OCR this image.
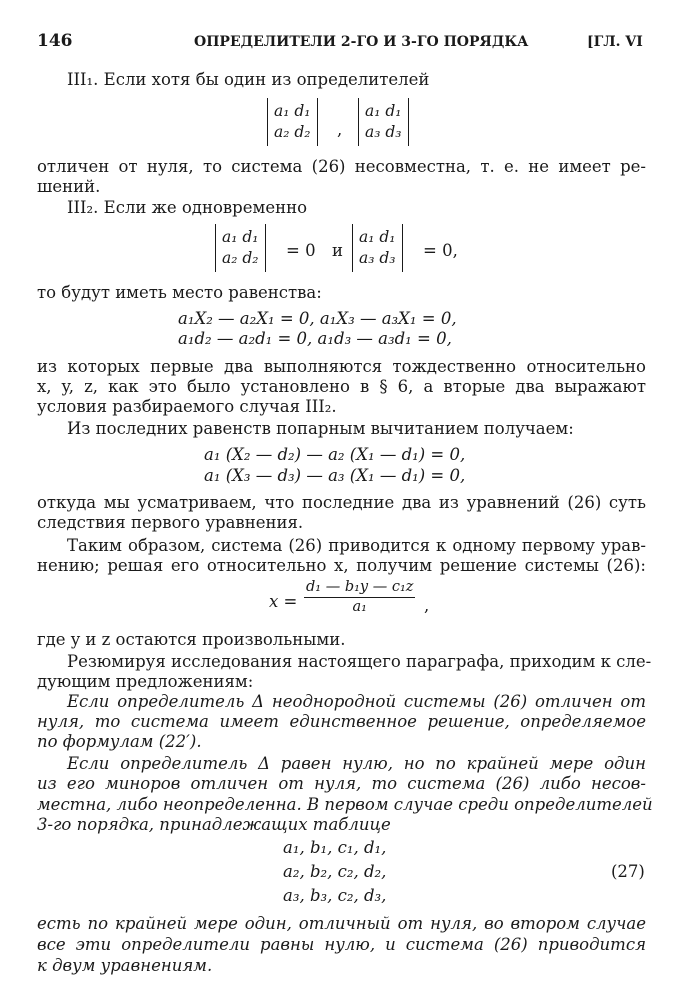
146	ОПРЕДЕЛИТЕЛИ 2-ГО И 3-ГО ПОРЯДКА	[ГЛ. VI
III₁. Если хотя бы один из определителей
a₁ d₁
a₂ d₂ ,
a₁ d₁
a₃ d₃
отличен от нуля, то система (26) несовместна, т. е. не имеет ре-
шений.
III₂. Если же одновременно
a₁ d₁
a₂ d₂ = 0 и
a₁ d₁
a₃ d₃ = 0,
то будут иметь место равенства:
a₁X₂ — a₂X₁ = 0, a₁X₃ — a₃X₁ = 0,
a₁d₂ — a₂d₁ = 0, a₁d₃ — a₃d₁ = 0,
из которых первые два выполняются тождественно относительно
x, y, z, как это было установлено в § 6, а вторые два выражают
условия разбираемого случая III₂.
Из последних равенств попарным вычитанием получаем:
a₁ (X₂ — d₂) — a₂ (X₁ — d₁) = 0,
a₁ (X₃ — d₃) — a₃ (X₁ — d₁) = 0,
откуда мы усматриваем, что последние два из уравнений (26) суть
следствия первого уравнения.
Таким образом, система (26) приводится к одному первому урав-
нению; решая его относительно x, получим решение системы (26):
$x = \frac{\text{d₁ — b₁y — c₁z}}{\text{a₁}}$ ,
где y и z остаются произвольными.
Резюмируя исследования настоящего параграфа, приходим к сле-
дующим предложениям:
Если определитель Δ неоднородной системы (26) отличен от
нуля, то система имеет единственное решение, определяемое
по формулам (22′).
Если определитель Δ равен нулю, но по крайней мере один
из его миноров отличен от нуля, то система (26) либо несов-
местна, либо неопределенна. В первом случае среди определителей
3-го порядка, принадлежащих таблице
a₁, b₁, c₁, d₁,
a₂, b₂, c₂, d₂,
a₃, b₃, c₂, d₃,
(27)
есть по крайней мере один, отличный от нуля, во втором случае
все эти определители равны нулю, и система (26) приводится
к двум уравнениям.
